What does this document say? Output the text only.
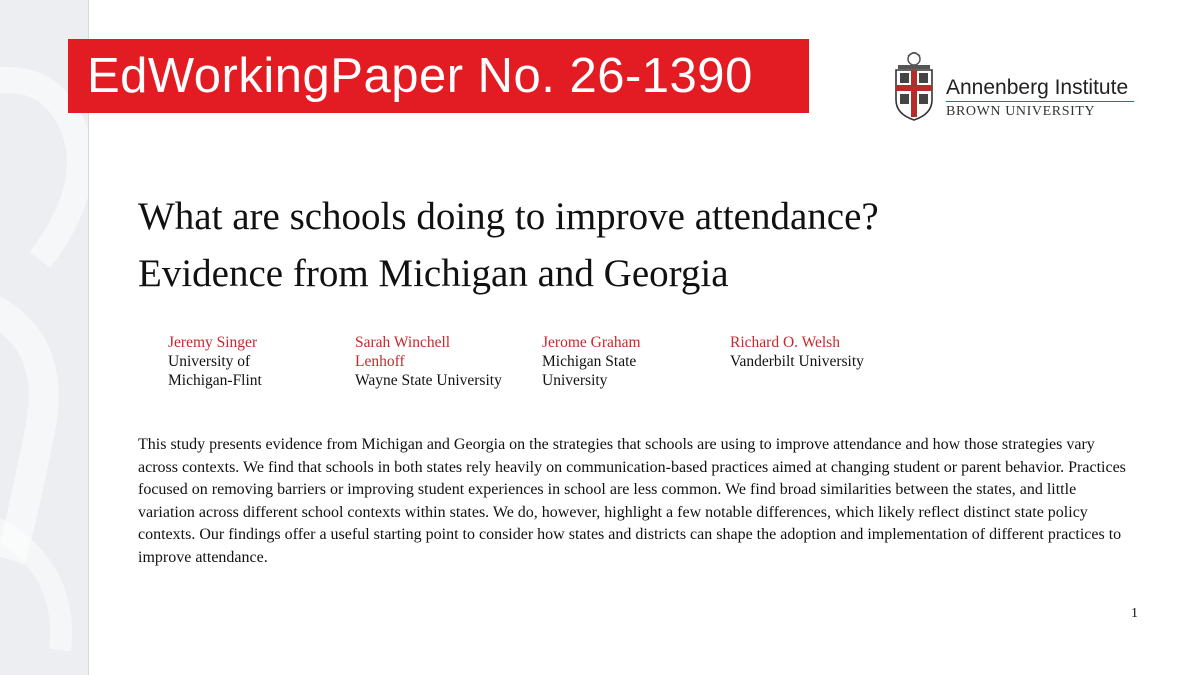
EdWorkingPaper No. 26-1390	Annenberg Institute
BROWN UNIVERSITY
What are schools doing to improve attendance?
Evidence from Michigan and Georgia
Jeremy Singer
University of
Michigan-Flint
Sarah Winchell
Lenhoff
Wayne State University
Jerome Graham
Michigan State
University
Richard O. Welsh
Vanderbilt University
This study presents evidence from Michigan and Georgia on the strategies that schools are using to improve attendance and how those strategies vary across contexts. We find that schools in both states rely heavily on communication-based practices aimed at changing student or parent behavior. Practices focused on removing barriers or improving student experiences in school are less common. We find broad similarities between the states, and little variation across different school contexts within states. We do, however, highlight a few notable differences, which likely reflect distinct state policy contexts. Our findings offer a useful starting point to consider how states and districts can shape the adoption and implementation of different practices to improve attendance.
1
